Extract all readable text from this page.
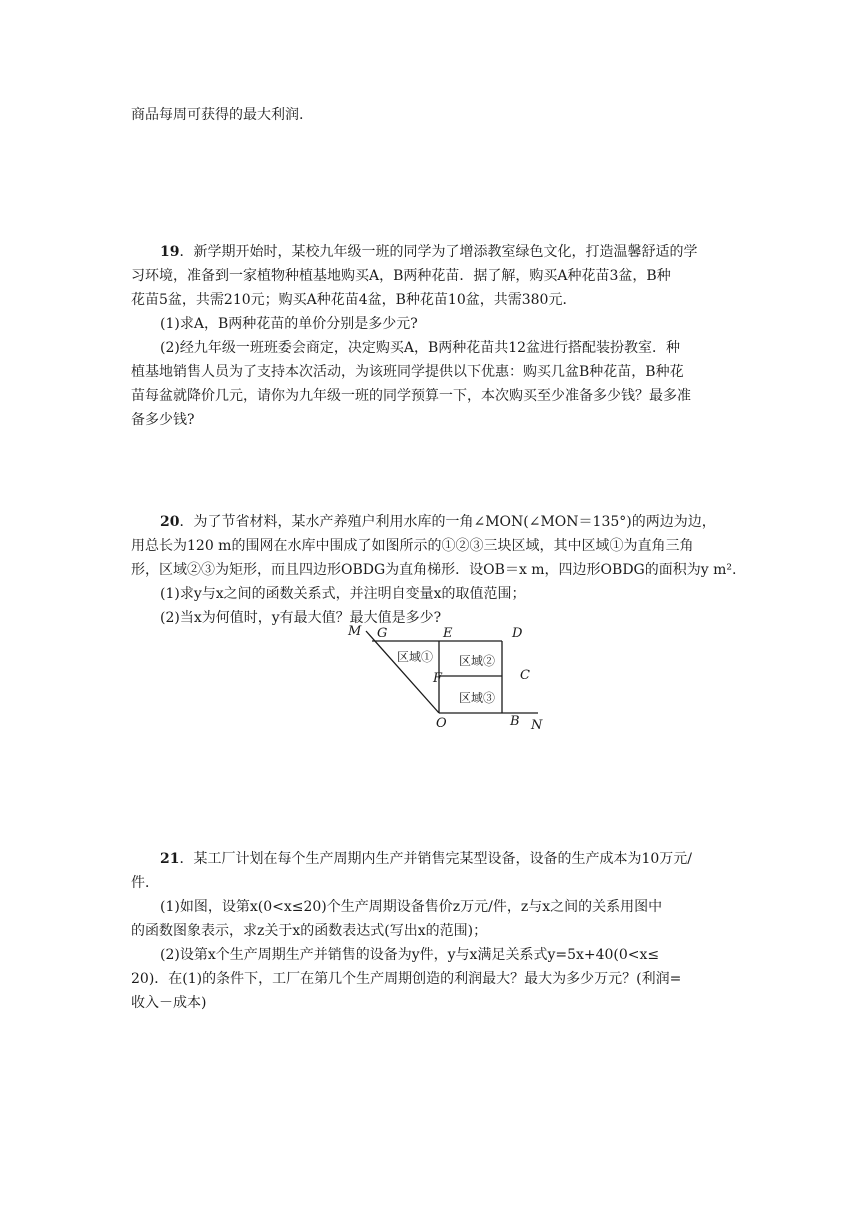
商品每周可获得的最大利润.
19．新学期开始时，某校九年级一班的同学为了增添教室绿色文化，打造温馨舒适的学
习环境，准备到一家植物种植基地购买A，B两种花苗．据了解，购买A种花苗3盆，B种
花苗5盆，共需210元；购买A种花苗4盆，B种花苗10盆，共需380元．
(1)求A，B两种花苗的单价分别是多少元?
(2)经九年级一班班委会商定，决定购买A，B两种花苗共12盆进行搭配装扮教室．种
植基地销售人员为了支持本次活动，为该班同学提供以下优惠：购买几盆B种花苗，B种花
苗每盆就降价几元，请你为九年级一班的同学预算一下，本次购买至少准备多少钱？最多准
备多少钱?
20．为了节省材料，某水产养殖户利用水库的一角∠MON(∠MON＝135°)的两边为边，
用总长为120 m的围网在水库中围成了如图所示的①②③三块区域，其中区域①为直角三角
形，区域②③为矩形，而且四边形OBDG为直角梯形．设OB＝x m，四边形OBDG的面积为y m².
(1)求y与x之间的函数关系式，并注明自变量x的取值范围；
(2)当x为何值时，y有最大值？最大值是多少?
M G	E	D
F	C
O	B N
区域① 区域②
区域③
21．某工厂计划在每个生产周期内生产并销售完某型设备，设备的生产成本为10万元/
件．
(1)如图，设第x(0<x≤20)个生产周期设备售价z万元/件，z与x之间的关系用图中
的函数图象表示，求z关于x的函数表达式(写出x的范围)；
(2)设第x个生产周期生产并销售的设备为y件，y与x满足关系式y=5x+40(0<x≤
20)．在(1)的条件下，工厂在第几个生产周期创造的利润最大？最大为多少万元？(利润=
收入－成本)
